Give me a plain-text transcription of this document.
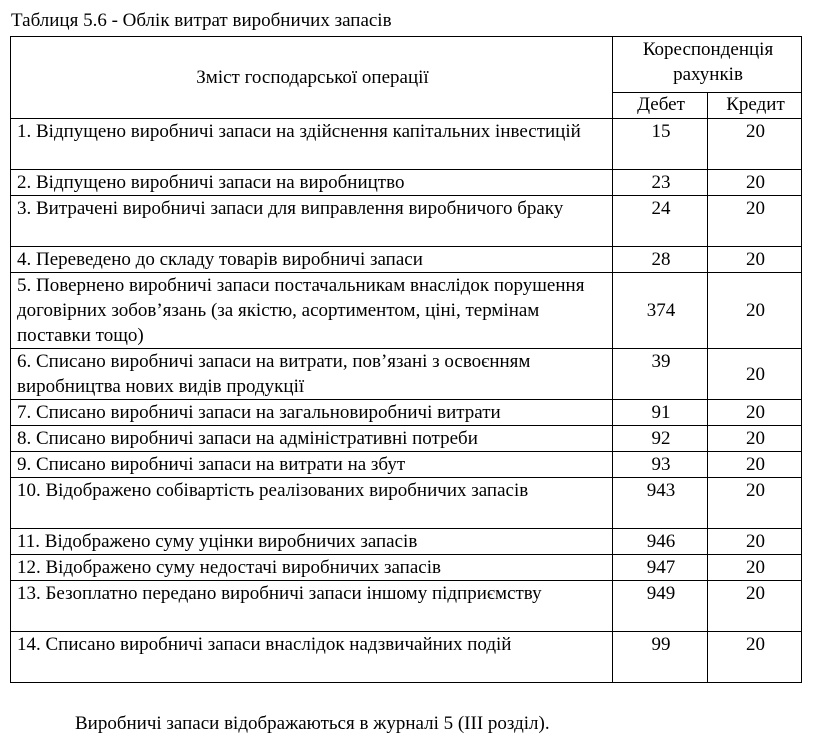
Таблиця 5.6 - Облік витрат виробничих запасів
Зміст господарської операції	Кореспонденція
рахунків	
	Дебет	Кредит
1. Відпущено виробничі запаси на здійснення капітальних інвестицій	15	20
2. Відпущено виробничі запаси на виробництво	23	20
3. Витрачені виробничі запаси для виправлення виробничого браку	24	20
4. Переведено до складу товарів виробничі запаси	28	20
5. Повернено виробничі запаси постачальникам внаслідок порушення договірних зобов’язань (за якістю, асортиментом, ціні, термінам поставки тощо)	374	20
6. Списано виробничі запаси на витрати, пов’язані з освоєнням виробництва нових видів продукції	39	20
7. Списано виробничі запаси на загальновиробничі витрати	91	20
8. Списано виробничі запаси на адміністративні потреби	92	20
9. Списано виробничі запаси на витрати на збут	93	20
10. Відображено собівартість реалізованих виробничих запасів	943	20
11. Відображено суму уцінки виробничих запасів	946	20
12. Відображено суму недостачі виробничих запасів	947	20
13. Безоплатно передано виробничі запаси іншому підприємству	949	20
14. Списано виробничі запаси внаслідок надзвичайних подій	99	20
Виробничі запаси відображаються в журналі 5 (ІІІ розділ).
